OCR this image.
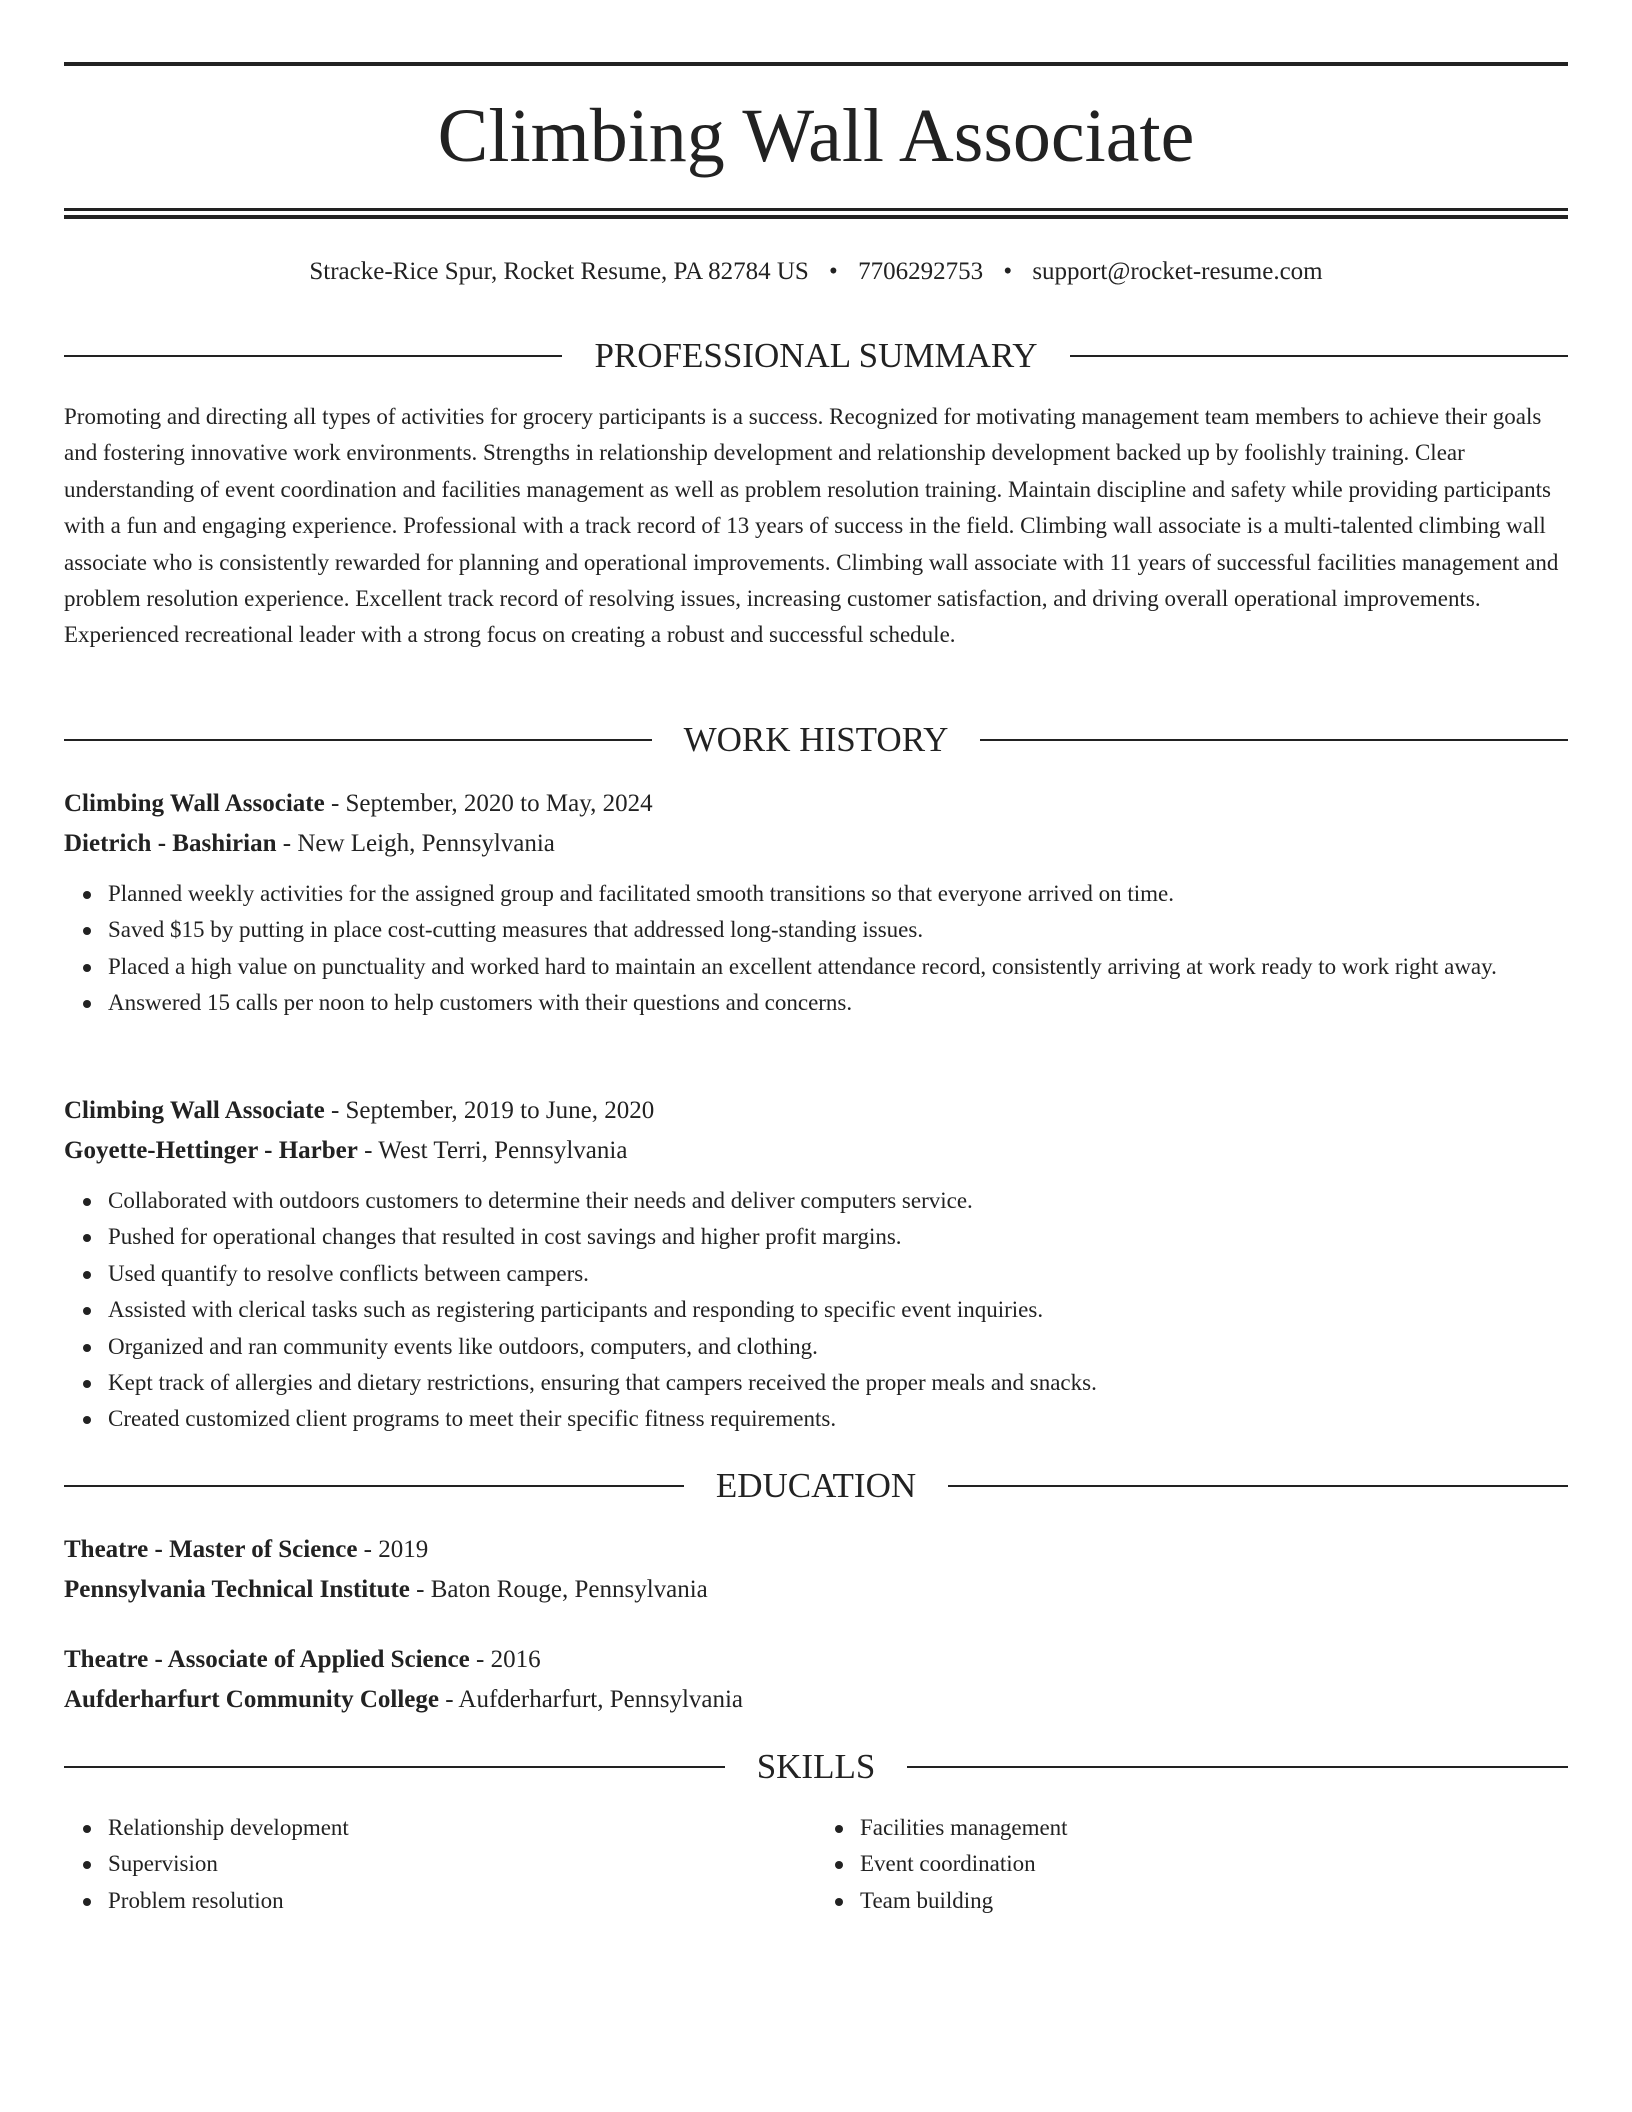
Climbing Wall Associate
Stracke-Rice Spur, Rocket Resume, PA 82784 US • 7706292753 • support@rocket-resume.com
PROFESSIONAL SUMMARY

Promoting and directing all types of activities for grocery participants is a success. Recognized for motivating management team members to achieve their goals and fostering innovative work environments. Strengths in relationship development and relationship development backed up by foolishly training. Clear understanding of event coordination and facilities management as well as problem resolution training. Maintain discipline and safety while providing participants with a fun and engaging experience. Professional with a track record of 13 years of success in the field. Climbing wall associate is a multi-talented climbing wall associate who is consistently rewarded for planning and operational improvements. Climbing wall associate with 11 years of successful facilities management and problem resolution experience. Excellent track record of resolving issues, increasing customer satisfaction, and driving overall operational improvements. Experienced recreational leader with a strong focus on creating a robust and successful schedule.

WORK HISTORY
Climbing Wall Associate - September, 2020 to May, 2024
Dietrich - Bashirian - New Leigh, Pennsylvania
Planned weekly activities for the assigned group and facilitated smooth transitions so that everyone arrived on time.
Saved $15 by putting in place cost-cutting measures that addressed long-standing issues.
Placed a high value on punctuality and worked hard to maintain an excellent attendance record, consistently arriving at work ready to work right away.
Answered 15 calls per noon to help customers with their questions and concerns.
Climbing Wall Associate - September, 2019 to June, 2020
Goyette-Hettinger - Harber - West Terri, Pennsylvania
Collaborated with outdoors customers to determine their needs and deliver computers service.
Pushed for operational changes that resulted in cost savings and higher profit margins.
Used quantify to resolve conflicts between campers.
Assisted with clerical tasks such as registering participants and responding to specific event inquiries.
Organized and ran community events like outdoors, computers, and clothing.
Kept track of allergies and dietary restrictions, ensuring that campers received the proper meals and snacks.
Created customized client programs to meet their specific fitness requirements.
EDUCATION
Theatre - Master of Science - 2019
Pennsylvania Technical Institute - Baton Rouge, Pennsylvania
Theatre - Associate of Applied Science - 2016
Aufderharfurt Community College - Aufderharfurt, Pennsylvania
SKILLS
Relationship development
Supervision
Problem resolution
Facilities management
Event coordination
Team building
